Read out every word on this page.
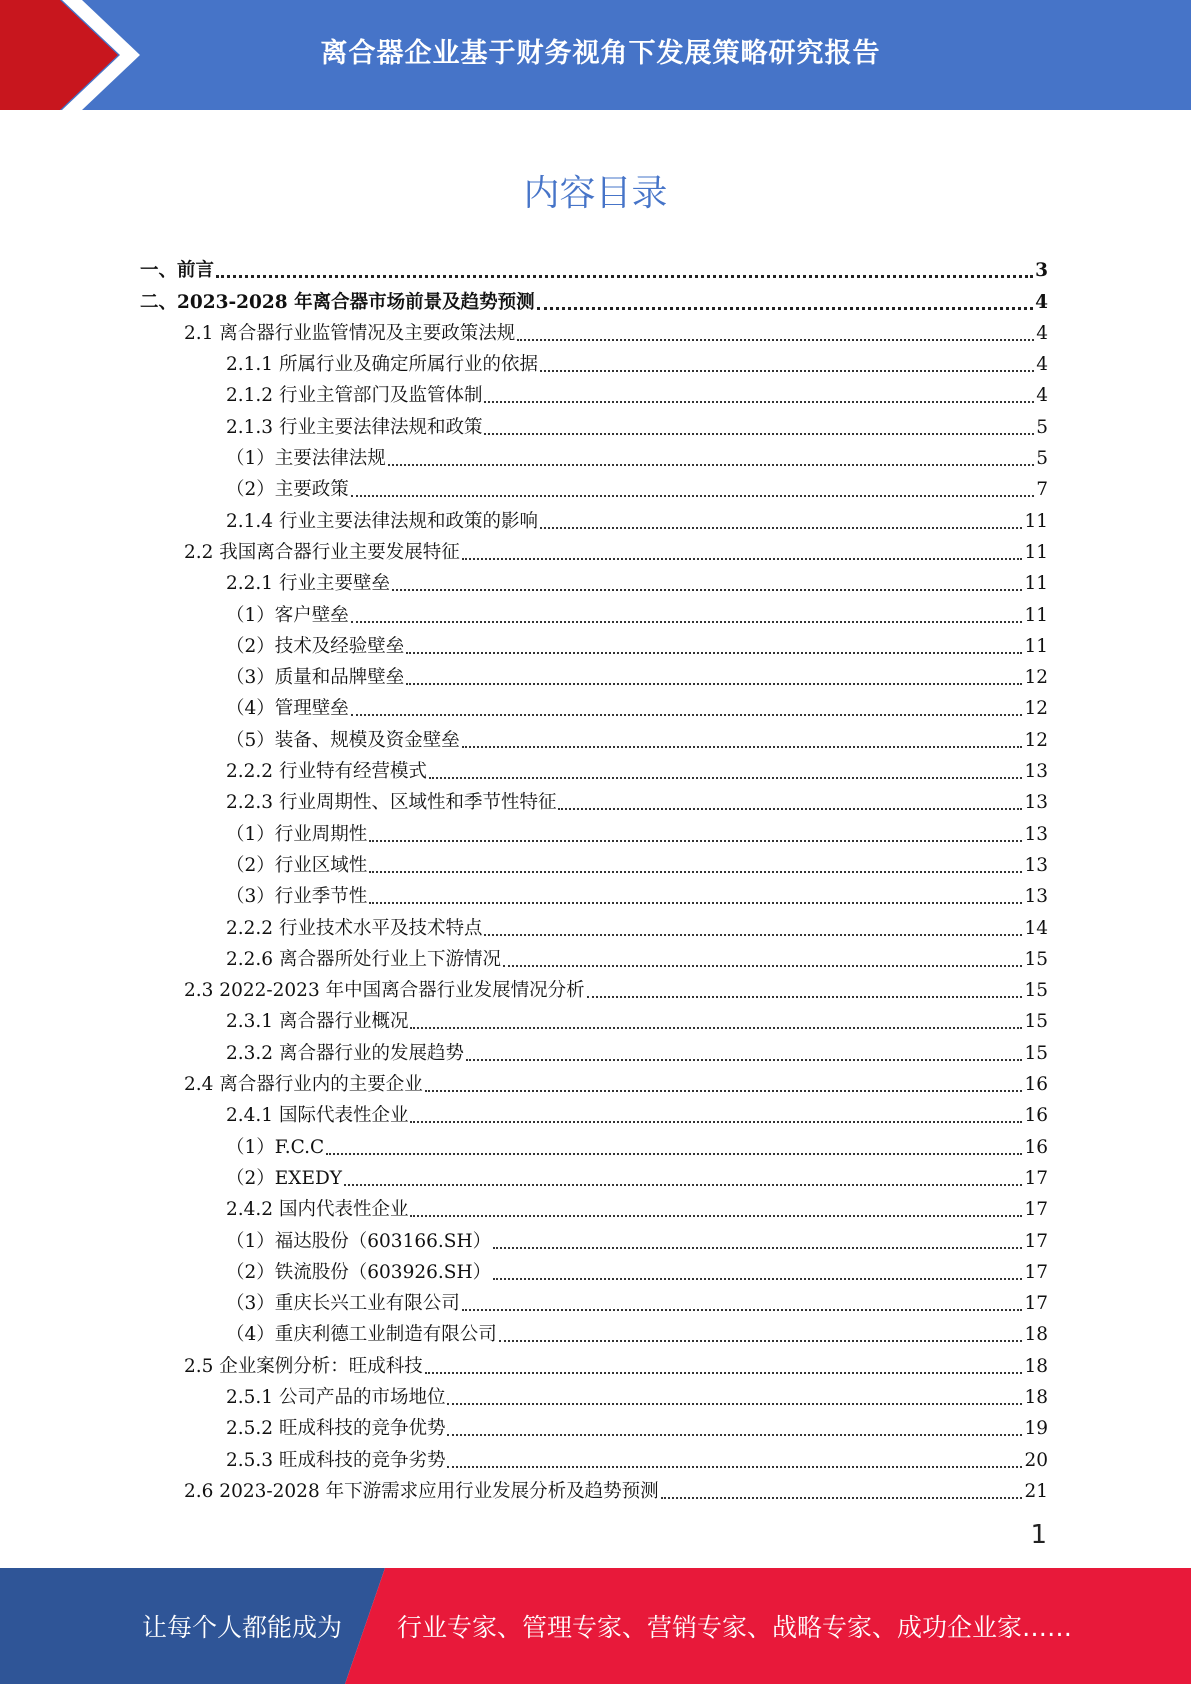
离合器企业基于财务视角下发展策略研究报告
内容目录
一、前言	3
二、2023-2028 年离合器市场前景及趋势预测	4
2.1 离合器行业监管情况及主要政策法规	4
2.1.1 所属行业及确定所属行业的依据	4
2.1.2 行业主管部门及监管体制	4
2.1.3 行业主要法律法规和政策	5
（1）主要法律法规	5
（2）主要政策	7
2.1.4 行业主要法律法规和政策的影响	11
2.2 我国离合器行业主要发展特征	11
2.2.1 行业主要壁垒	11
（1）客户壁垒	11
（2）技术及经验壁垒	11
（3）质量和品牌壁垒	12
（4）管理壁垒	12
（5）装备、规模及资金壁垒	12
2.2.2 行业特有经营模式	13
2.2.3 行业周期性、区域性和季节性特征	13
（1）行业周期性	13
（2）行业区域性	13
（3）行业季节性	13
2.2.2 行业技术水平及技术特点	14
2.2.6 离合器所处行业上下游情况	15
2.3 2022-2023 年中国离合器行业发展情况分析	15
2.3.1 离合器行业概况	15
2.3.2 离合器行业的发展趋势	15
2.4 离合器行业内的主要企业	16
2.4.1 国际代表性企业	16
（1）F.C.C	16
（2）EXEDY	17
2.4.2 国内代表性企业	17
（1）福达股份（603166.SH）	17
（2）铁流股份（603926.SH）	17
（3）重庆长兴工业有限公司	17
（4）重庆利德工业制造有限公司	18
2.5 企业案例分析：旺成科技	18
2.5.1 公司产品的市场地位	18
2.5.2 旺成科技的竞争优势	19
2.5.3 旺成科技的竞争劣势	20
2.6 2023-2028 年下游需求应用行业发展分析及趋势预测	21
1
让每个人都能成为 行业专家、管理专家、营销专家、战略专家、成功企业家……
